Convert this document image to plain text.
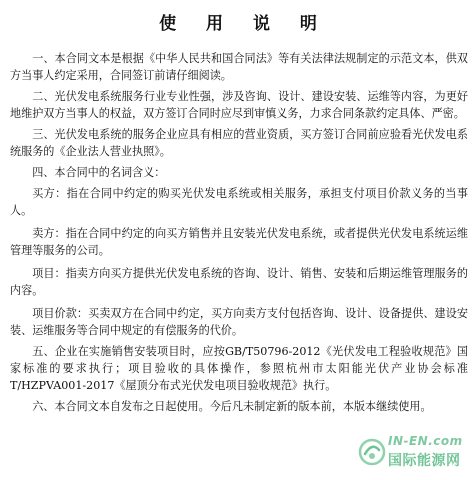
使 用 说 明

一、本合同文本是根据《中华人民共和国合同法》等有关法律法规制定的示范文本，供双方当事人约定采用，合同签订前请仔细阅读。

二、光伏发电系统服务行业专业性强，涉及咨询、设计、建设安装、运维等内容，为更好地维护双方当事人的权益，双方签订合同时应尽到审慎义务，力求合同条款约定具体、严密。

三、光伏发电系统的服务企业应具有相应的营业资质，买方签订合同前应验看光伏发电系统服务的《企业法人营业执照》。

四、本合同中的名词含义：

买方：指在合同中约定的购买光伏发电系统或相关服务，承担支付项目价款义务的当事人。

卖方：指在合同中约定的向买方销售并且安装光伏发电系统，或者提供光伏发电系统运维管理等服务的公司。

项目：指卖方向买方提供光伏发电系统的咨询、设计、销售、安装和后期运维管理服务的内容。

项目价款：买卖双方在合同中约定，买方向卖方支付包括咨询、设计、设备提供、建设安装、运维服务等合同中规定的有偿服务的代价。

五、企业在实施销售安装项目时，应按GB/T50796-2012《光伏发电工程验收规范》国家标准的要求执行；项目验收的具体操作，参照杭州市太阳能光伏产业协会标准T/HZPVA001-2017《屋顶分布式光伏发电项目验收规范》执行。

六、本合同文本自发布之日起使用。今后凡未制定新的版本前，本版本继续使用。

IN-EN.com
国际能源网
